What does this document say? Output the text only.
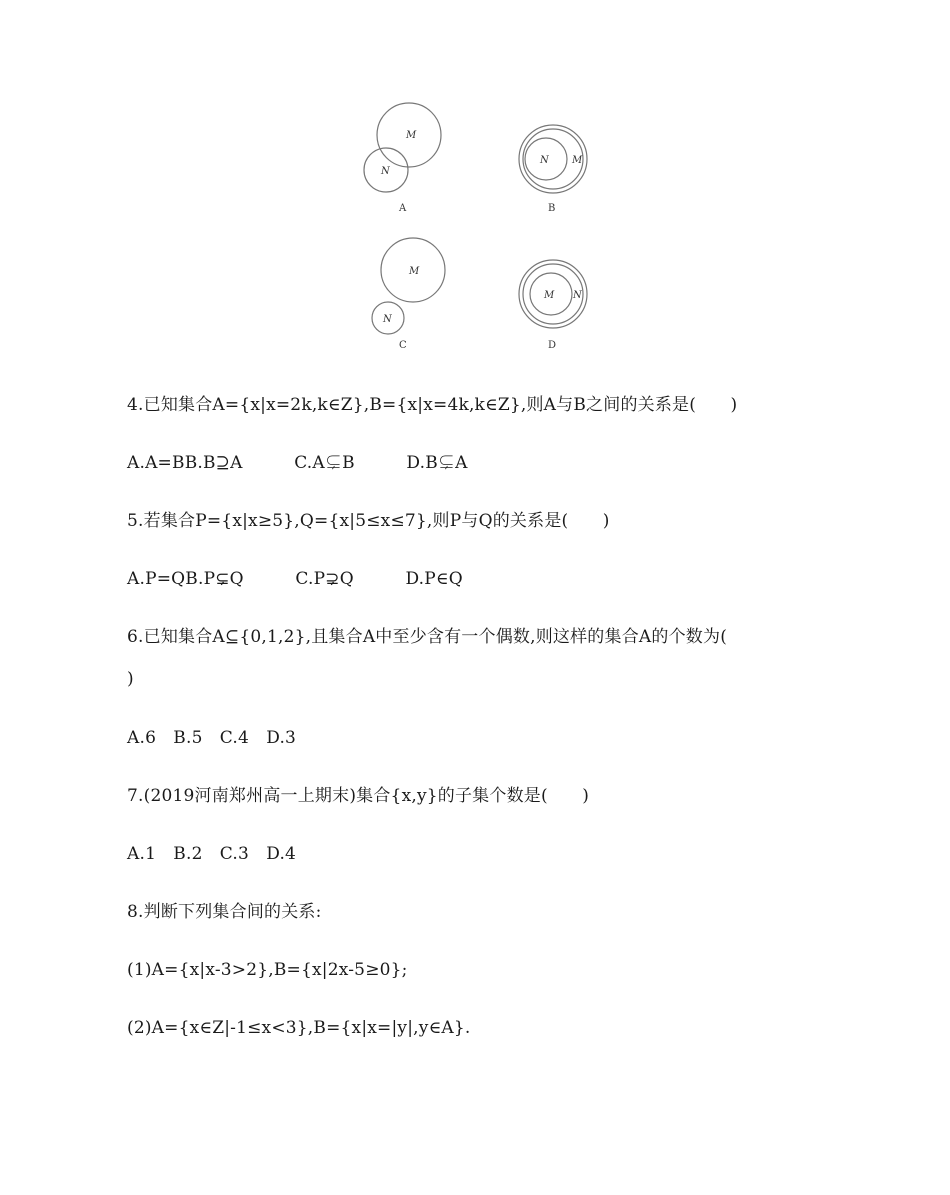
M
N
A
N M
B
M
N
C
M N
D
4.已知集合A={x|x=2k,k∈Z},B={x|x=4k,k∈Z},则A与B之间的关系是(　　)
A.A=BB.B⊇A　　　C.A⊊B　　　D.B⊊A
5.若集合P={x|x≥5},Q={x|5≤x≤7},则P与Q的关系是(　　)
A.P=QB.P⊊Q　　　C.P⊋Q　　　D.P∈Q
6.已知集合A⊆{0,1,2},且集合A中至少含有一个偶数,则这样的集合A的个数为(
)
A.6　B.5　C.4　D.3
7.(2019河南郑州高一上期末)集合{x,y}的子集个数是(　　)
A.1　B.2　C.3　D.4
8.判断下列集合间的关系:
(1)A={x|x-3>2},B={x|2x-5≥0};
(2)A={x∈Z|-1≤x<3},B={x|x=|y|,y∈A}.
